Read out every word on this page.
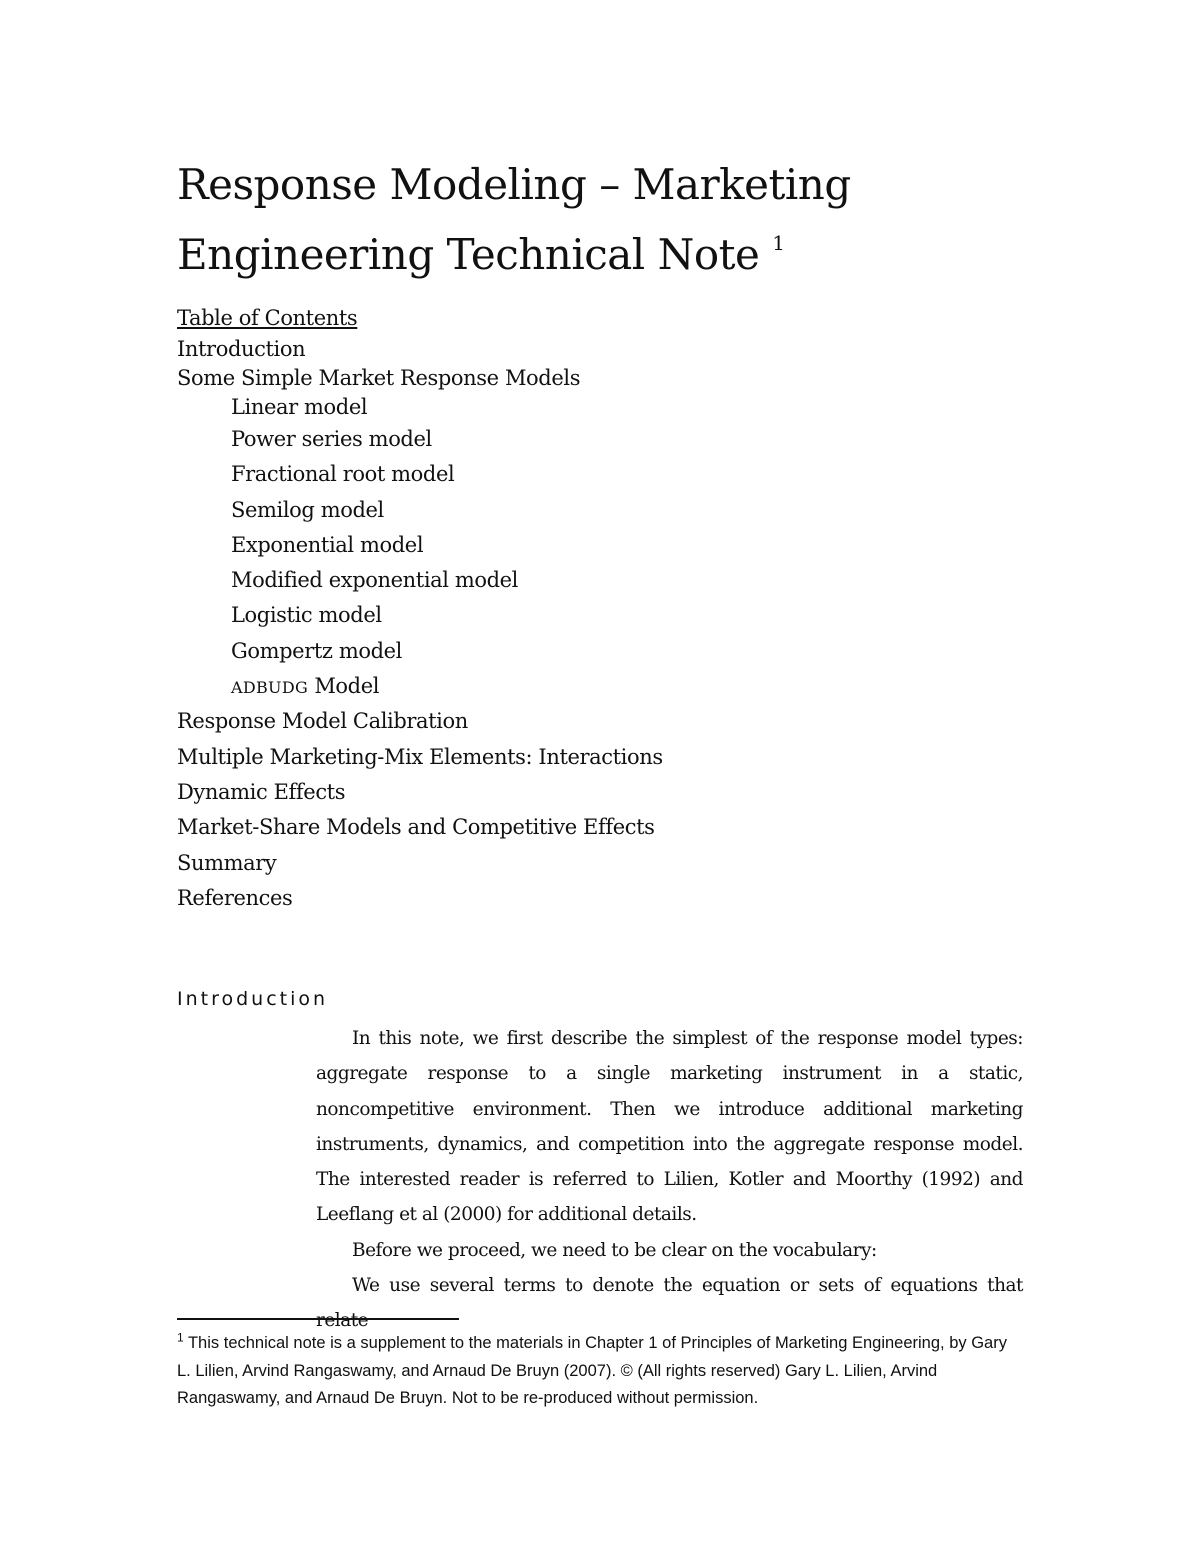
Response Modeling – Marketing
Engineering Technical Note $^1$
Table of Contents
Introduction
Some Simple Market Response Models
Linear model
Power series model
Fractional root model
Semilog model
Exponential model
Modified exponential model
Logistic model
Gompertz model
ADBUDG Model
Response Model Calibration
Multiple Marketing-Mix Elements: Interactions
Dynamic Effects
Market-Share Models and Competitive Effects
Summary
References
Introduction

In this note, we first describe the simplest of the response model types: aggregate response to a single marketing instrument in a static, noncompetitive environment. Then we introduce additional marketing instruments, dynamics, and competition into the aggregate response model. The interested reader is referred to Lilien, Kotler and Moorthy (1992) and Leeflang et al (2000) for additional details.

Before we proceed, we need to be clear on the vocabulary:

We use several terms to denote the equation or sets of equations that relate

$^1$ This technical note is a supplement to the materials in Chapter 1 of Principles of Marketing Engineering, by Gary L. Lilien, Arvind Rangaswamy, and Arnaud De Bruyn (2007). © (All rights reserved) Gary L. Lilien, Arvind Rangaswamy, and Arnaud De Bruyn. Not to be re-produced without permission.
